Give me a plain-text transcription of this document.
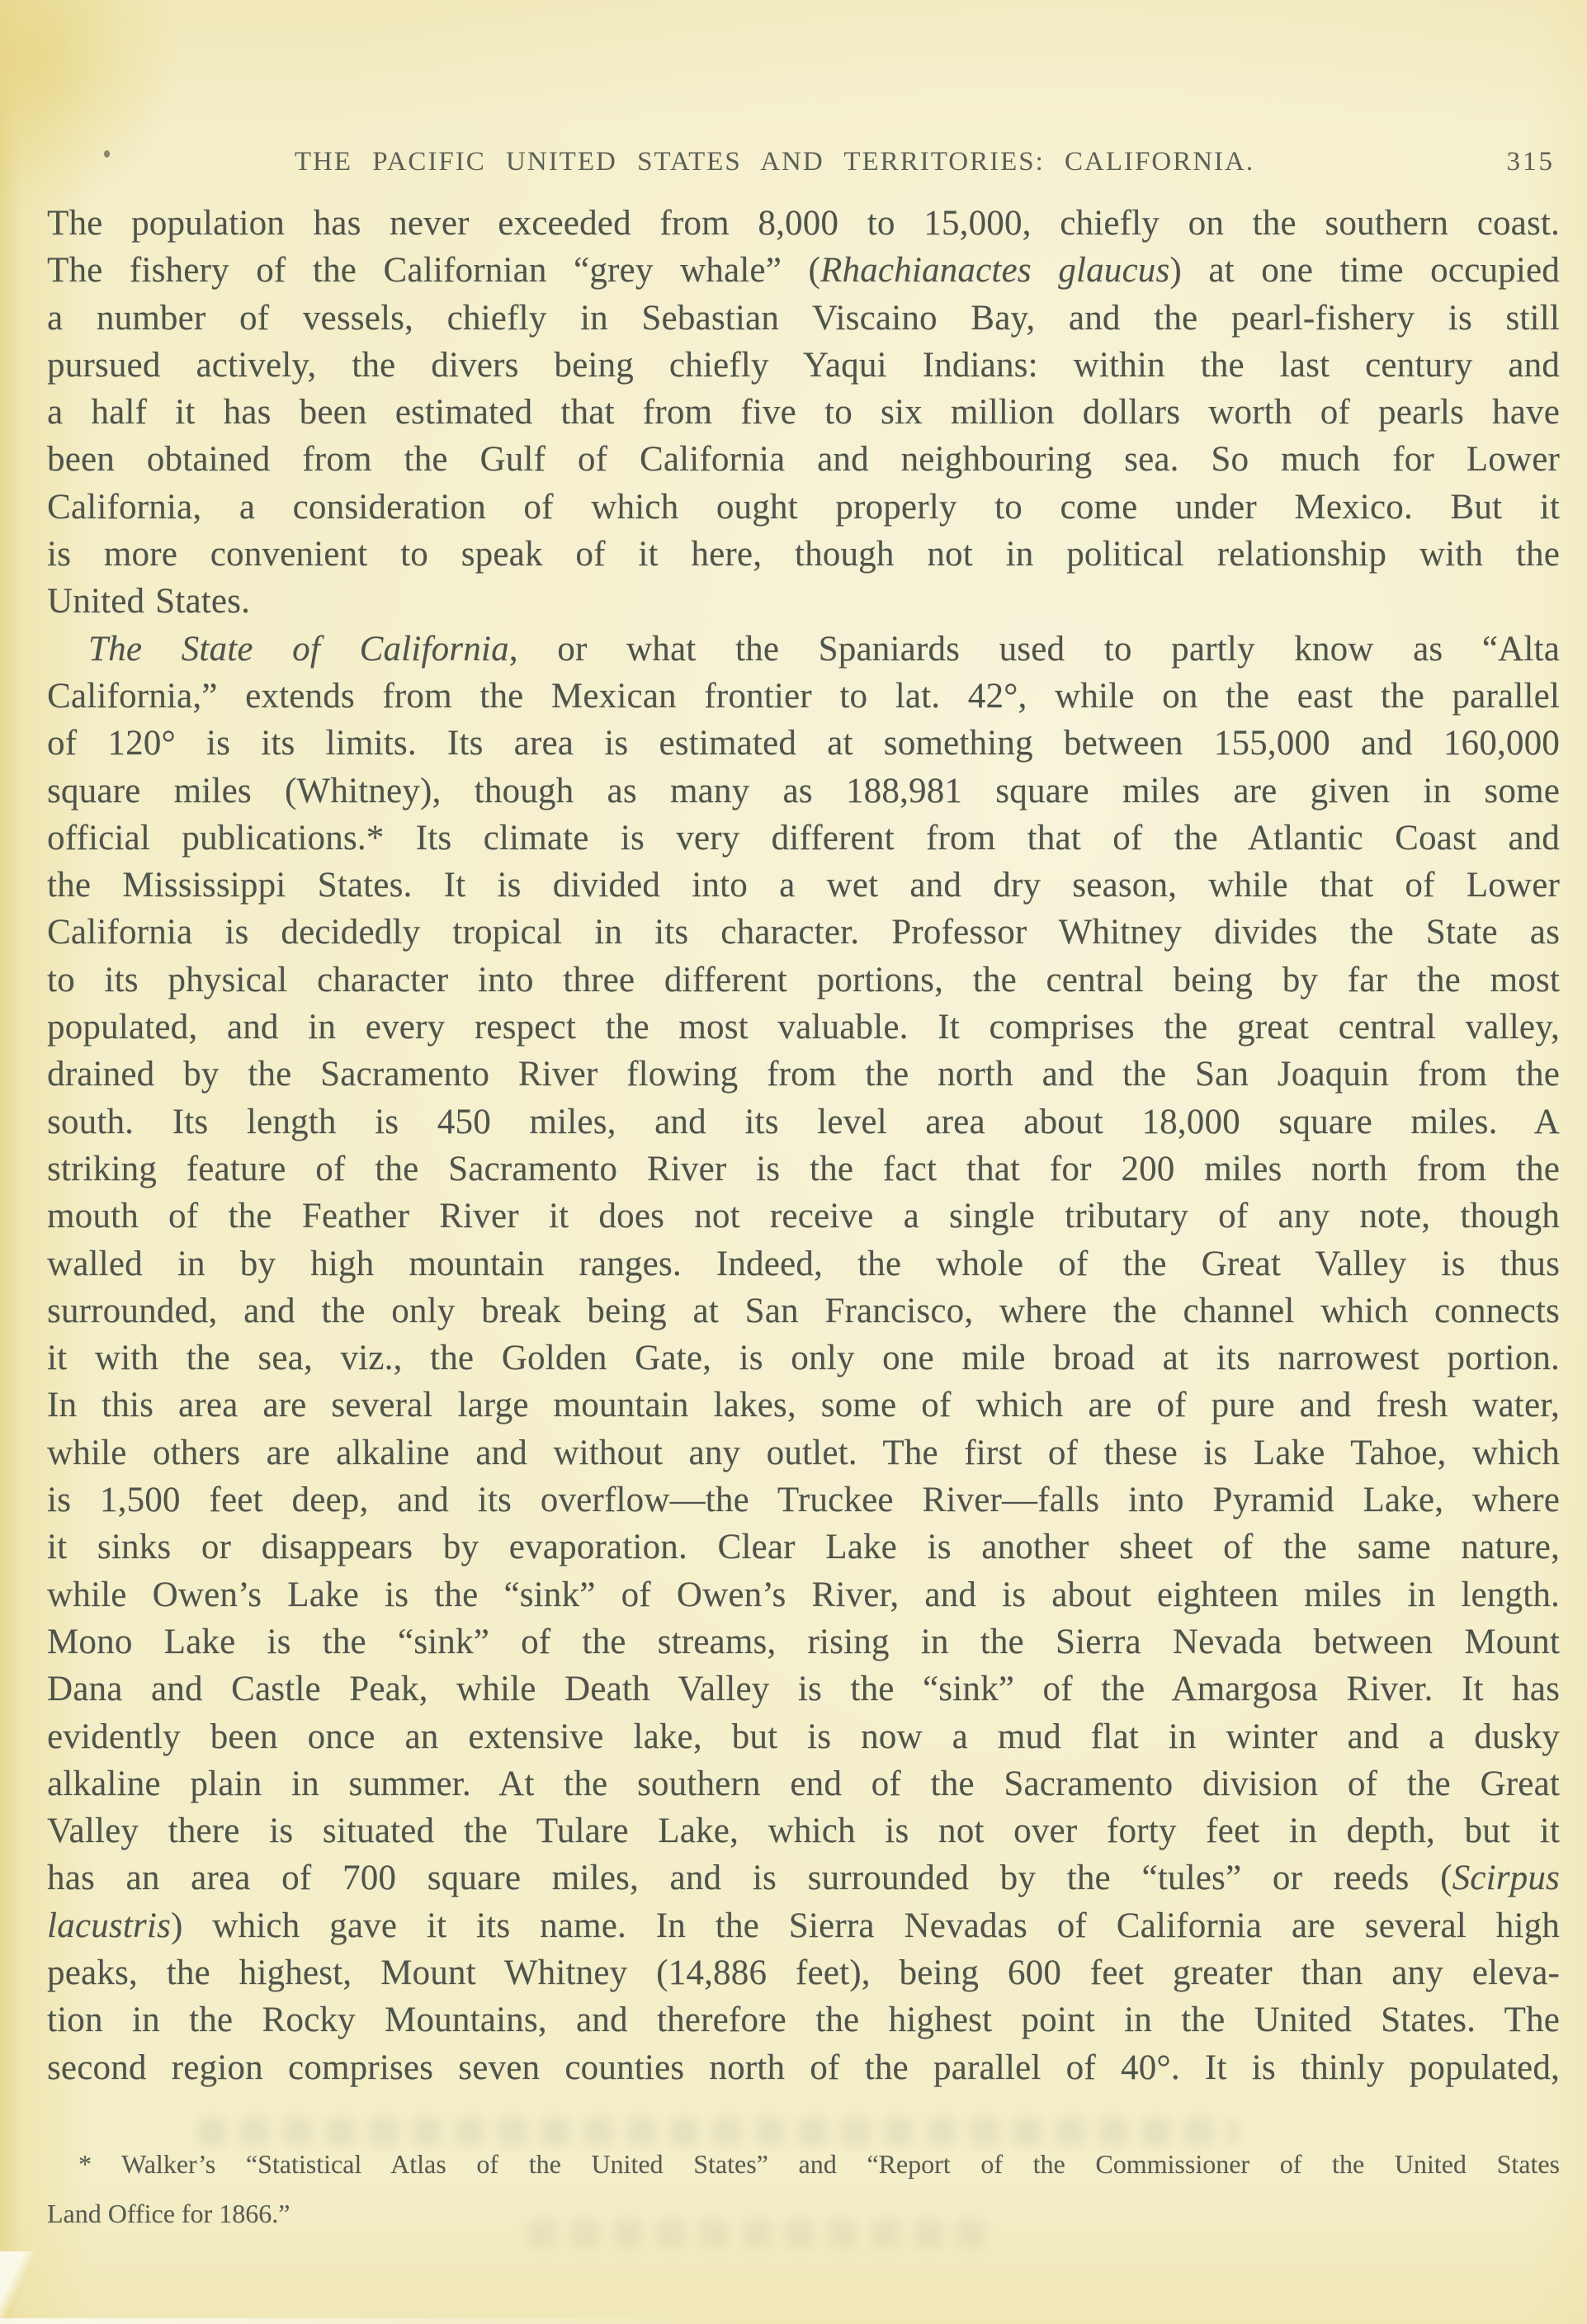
THE PACIFIC UNITED STATES AND TERRITORIES: CALIFORNIA.	315
The population has never exceeded from 8,000 to 15,000, chiefly on the southern coast.
The fishery of the Californian “grey whale” (Rhachianactes glaucus) at one time occupied
a number of vessels, chiefly in Sebastian Viscaino Bay, and the pearl-fishery is still
pursued actively, the divers being chiefly Yaqui Indians: within the last century and
a half it has been estimated that from five to six million dollars worth of pearls have
been obtained from the Gulf of California and neighbouring sea. So much for Lower
California, a consideration of which ought properly to come under Mexico. But it
is more convenient to speak of it here, though not in political relationship with the
United States.
The State of California, or what the Spaniards used to partly know as “Alta
California,” extends from the Mexican frontier to lat. 42°, while on the east the parallel
of 120° is its limits. Its area is estimated at something between 155,000 and 160,000
square miles (Whitney), though as many as 188,981 square miles are given in some
official publications.* Its climate is very different from that of the Atlantic Coast and
the Mississippi States. It is divided into a wet and dry season, while that of Lower
California is decidedly tropical in its character. Professor Whitney divides the State as
to its physical character into three different portions, the central being by far the most
populated, and in every respect the most valuable. It comprises the great central valley,
drained by the Sacramento River flowing from the north and the San Joaquin from the
south. Its length is 450 miles, and its level area about 18,000 square miles. A
striking feature of the Sacramento River is the fact that for 200 miles north from the
mouth of the Feather River it does not receive a single tributary of any note, though
walled in by high mountain ranges. Indeed, the whole of the Great Valley is thus
surrounded, and the only break being at San Francisco, where the channel which connects
it with the sea, viz., the Golden Gate, is only one mile broad at its narrowest portion.
In this area are several large mountain lakes, some of which are of pure and fresh water,
while others are alkaline and without any outlet. The first of these is Lake Tahoe, which
is 1,500 feet deep, and its overflow—the Truckee River—falls into Pyramid Lake, where
it sinks or disappears by evaporation. Clear Lake is another sheet of the same nature,
while Owen’s Lake is the “sink” of Owen’s River, and is about eighteen miles in length.
Mono Lake is the “sink” of the streams, rising in the Sierra Nevada between Mount
Dana and Castle Peak, while Death Valley is the “sink” of the Amargosa River. It has
evidently been once an extensive lake, but is now a mud flat in winter and a dusky
alkaline plain in summer. At the southern end of the Sacramento division of the Great
Valley there is situated the Tulare Lake, which is not over forty feet in depth, but it
has an area of 700 square miles, and is surrounded by the “tules” or reeds (Scirpus
lacustris) which gave it its name. In the Sierra Nevadas of California are several high
peaks, the highest, Mount Whitney (14,886 feet), being 600 feet greater than any eleva-
tion in the Rocky Mountains, and therefore the highest point in the United States. The
second region comprises seven counties north of the parallel of 40°. It is thinly populated,
* Walker’s “Statistical Atlas of the United States” and “Report of the Commissioner of the United States
Land Office for 1866.”
